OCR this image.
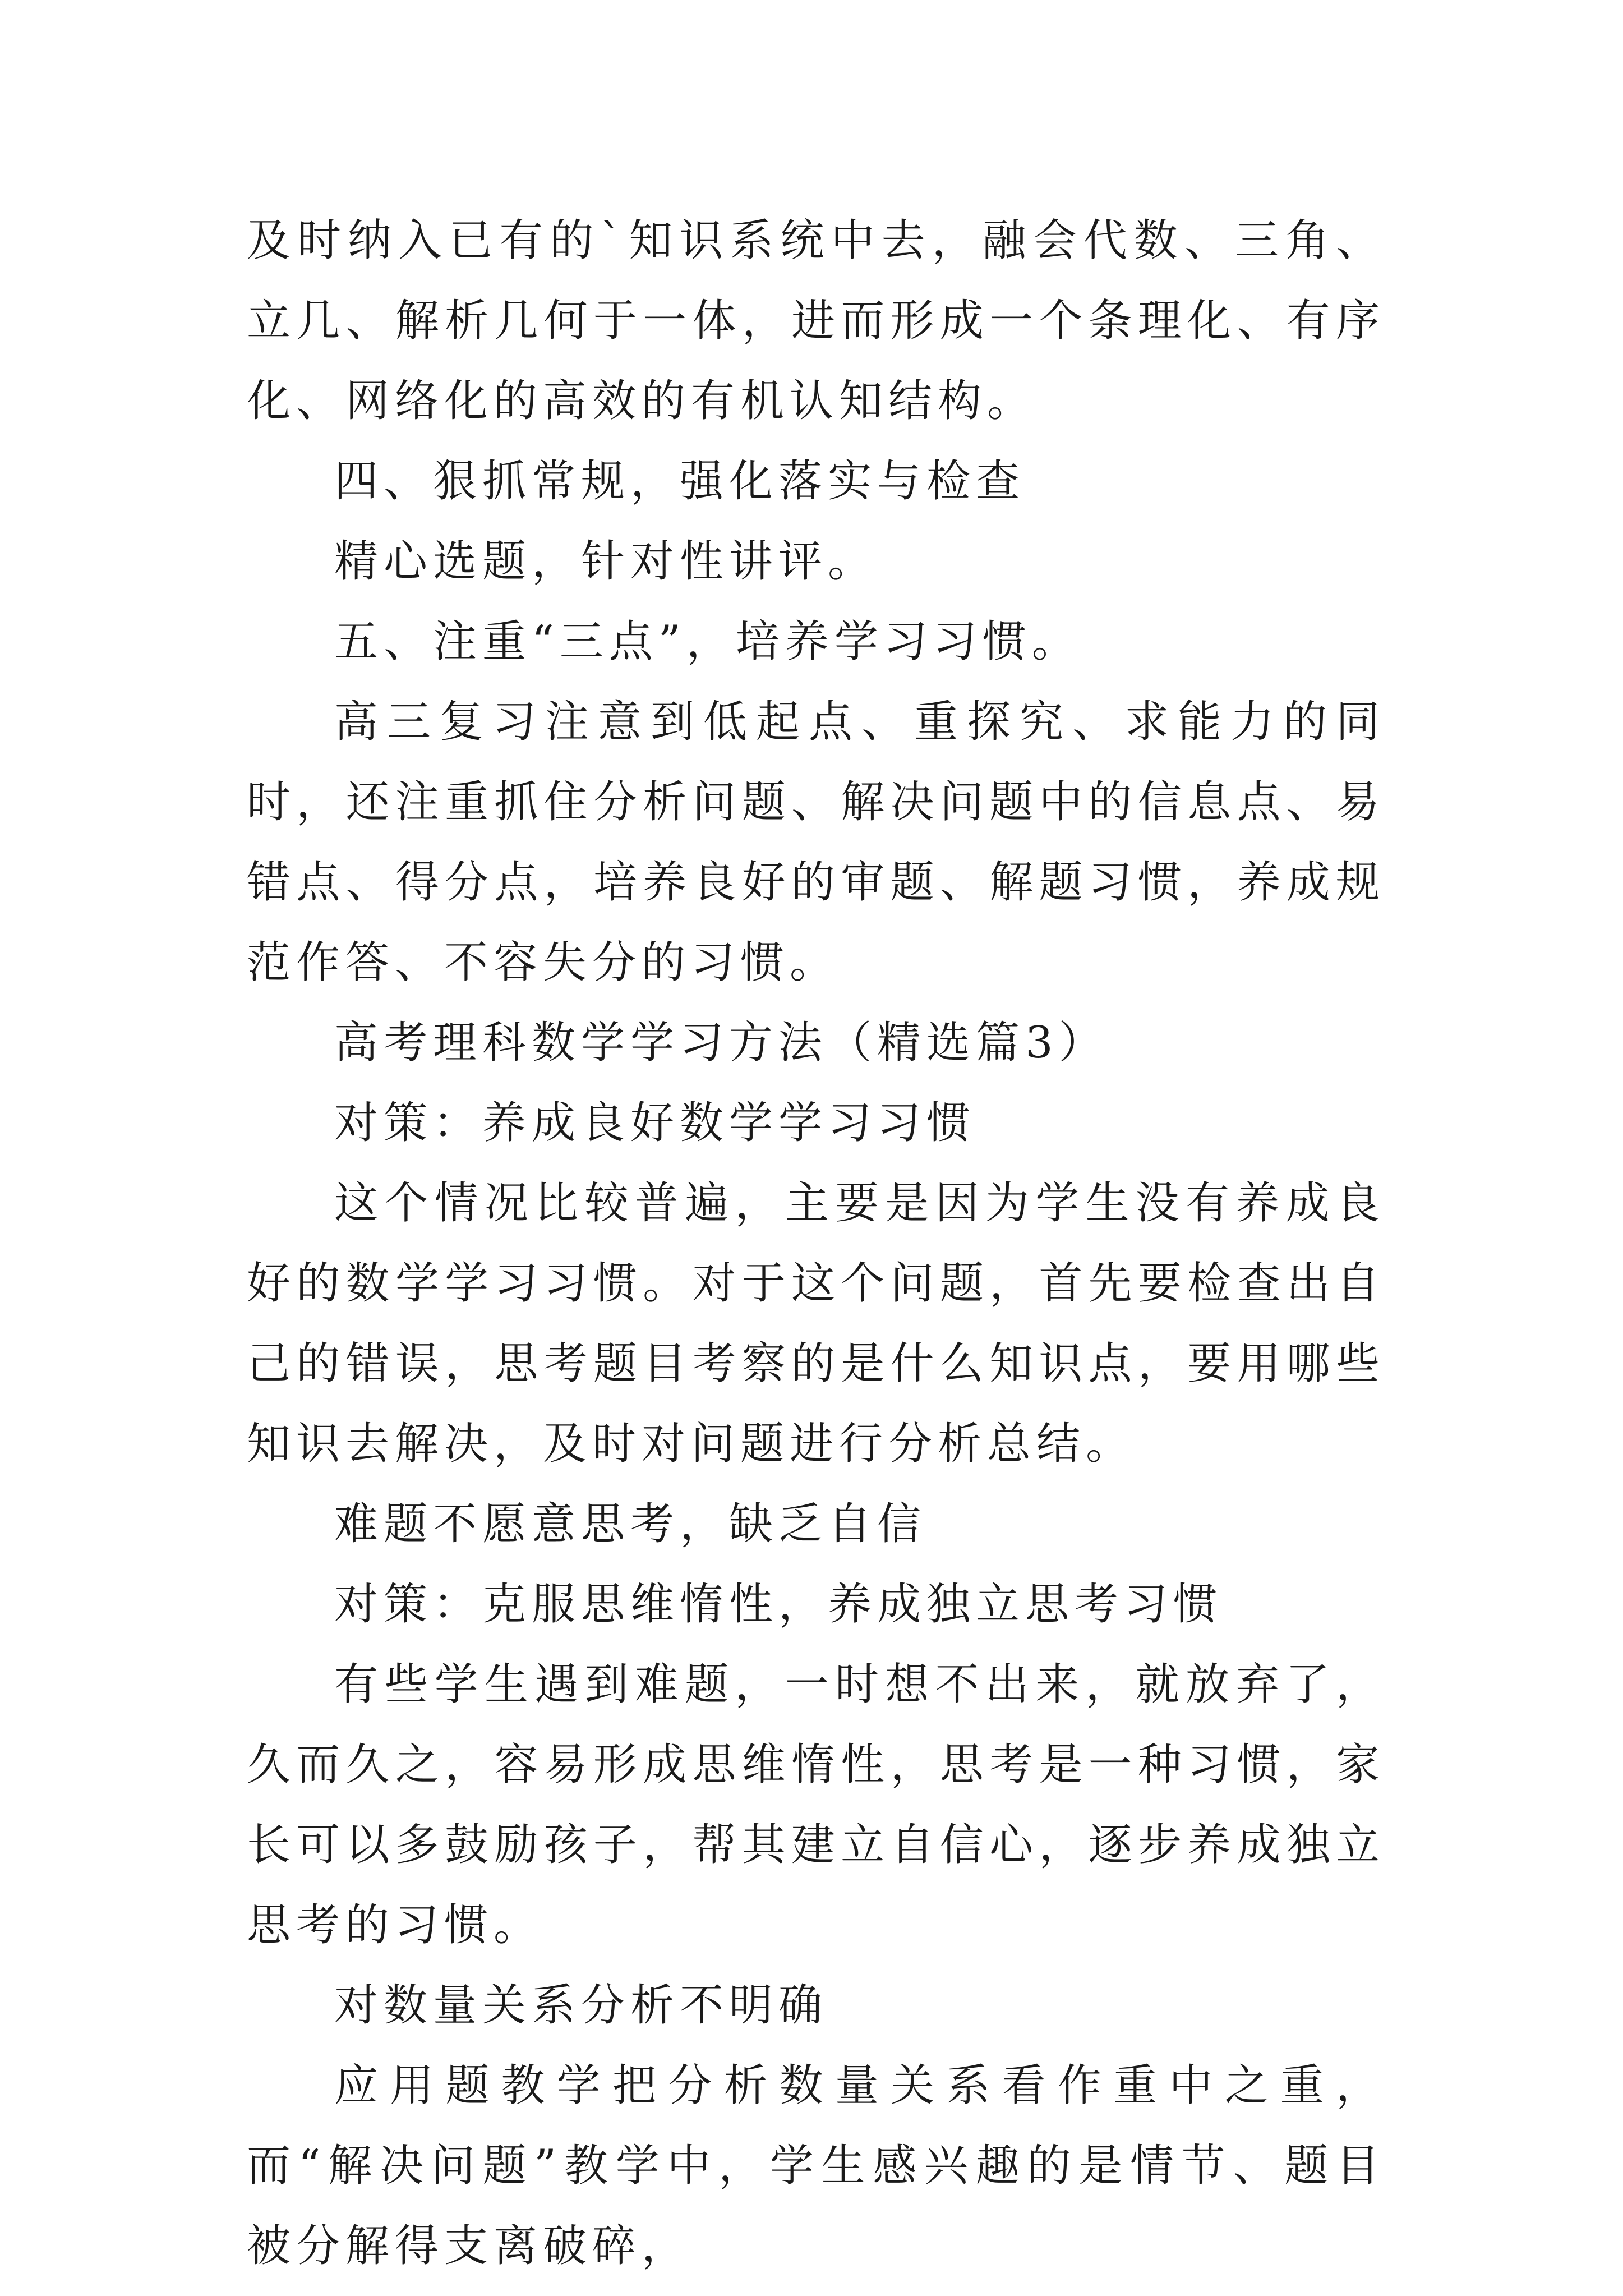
及时纳入已有的`知识系统中去，融会代数、三角、立几、解析几何于一体，进而形成一个条理化、有序化、网络化的高效的有机认知结构。

四、狠抓常规，强化落实与检查

精心选题，针对性讲评。

五、注重“三点”，培养学习习惯。

高三复习注意到低起点、重探究、求能力的同时，还注重抓住分析问题、解决问题中的信息点、易错点、得分点，培养良好的审题、解题习惯，养成规范作答、不容失分的习惯。

高考理科数学学习方法（精选篇3）

对策：养成良好数学学习习惯

这个情况比较普遍，主要是因为学生没有养成良好的数学学习习惯。对于这个问题，首先要检查出自己的错误，思考题目考察的是什么知识点，要用哪些知识去解决，及时对问题进行分析总结。

难题不愿意思考，缺乏自信

对策：克服思维惰性，养成独立思考习惯

有些学生遇到难题，一时想不出来，就放弃了，久而久之，容易形成思维惰性，思考是一种习惯，家长可以多鼓励孩子，帮其建立自信心，逐步养成独立思考的习惯。

对数量关系分析不明确

应用题教学把分析数量关系看作重中之重，而“解决问题”教学中，学生感兴趣的是情节、题目被分解得支离破碎，
